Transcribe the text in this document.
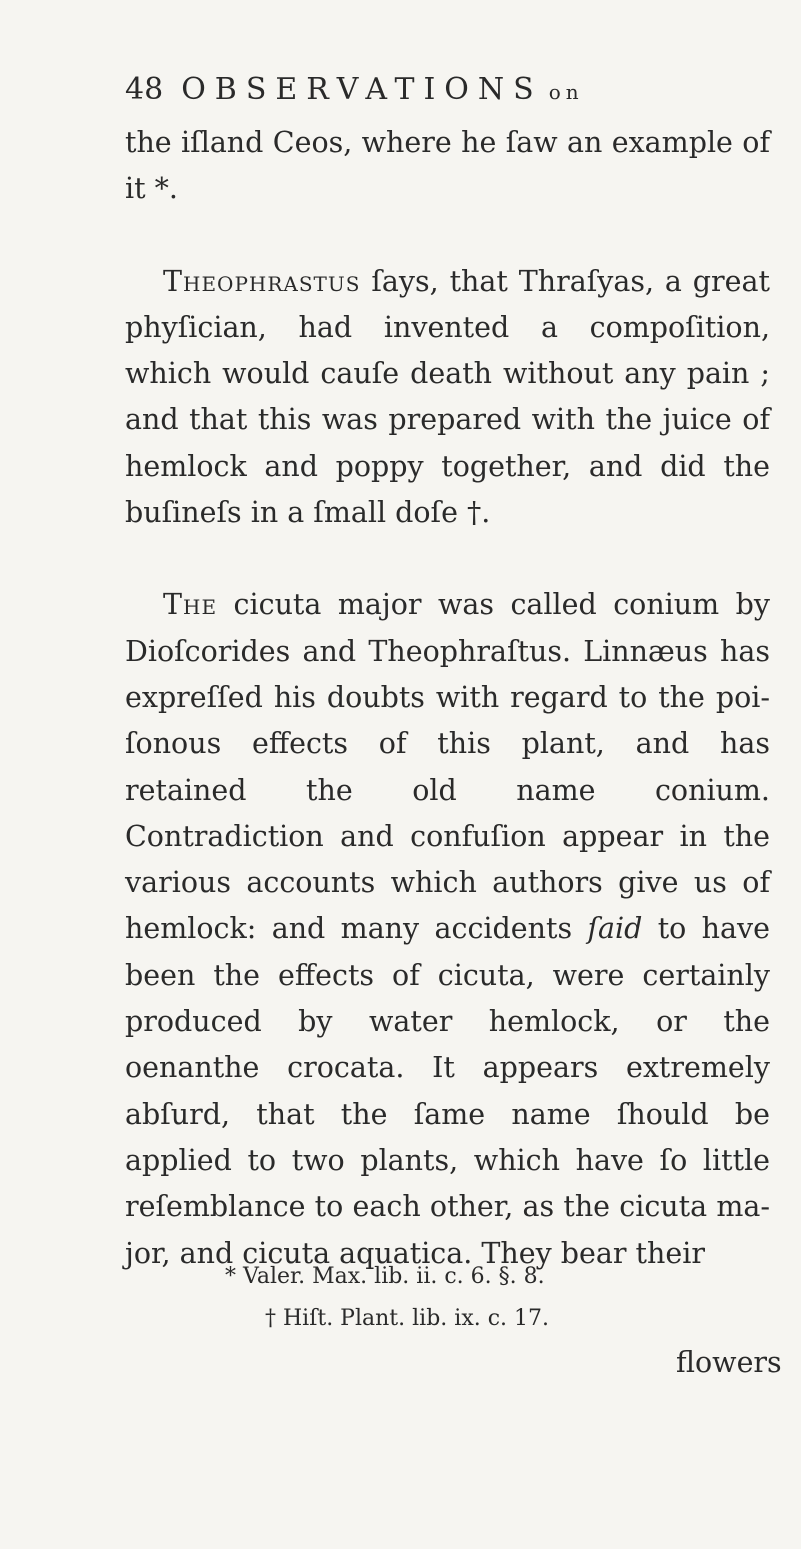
48 OBSERVATIONS on

the iſland Ceos, where he ſaw an example of it *.

Theophrastus ſays, that Thraſyas, a great phyſician, had invented a compoſition, which would cauſe death without any pain ; and that this was prepared with the juice of hemlock and poppy together, and did the buſineſs in a ſmall doſe †.

The cicuta major was called conium by Dioſcorides and Theophraſtus. Linnæus has expreſſed his doubts with regard to the poiſonous effects of this plant, and has retained the old name conium. Contradiction and confuſion appear in the various accounts which authors give us of hemlock: and many accidents ſaid to have been the effects of cicuta, were certainly produced by water hemlock, or the oenanthe crocata. It appears extremely abſurd, that the ſame name ſhould be applied to two plants, which have ſo little reſemblance to each other, as the cicuta major, and cicuta aquatica. They bear their

* Valer. Max. lib. ii. c. 6. §. 8.
† Hiſt. Plant. lib. ix. c. 17.
flowers
